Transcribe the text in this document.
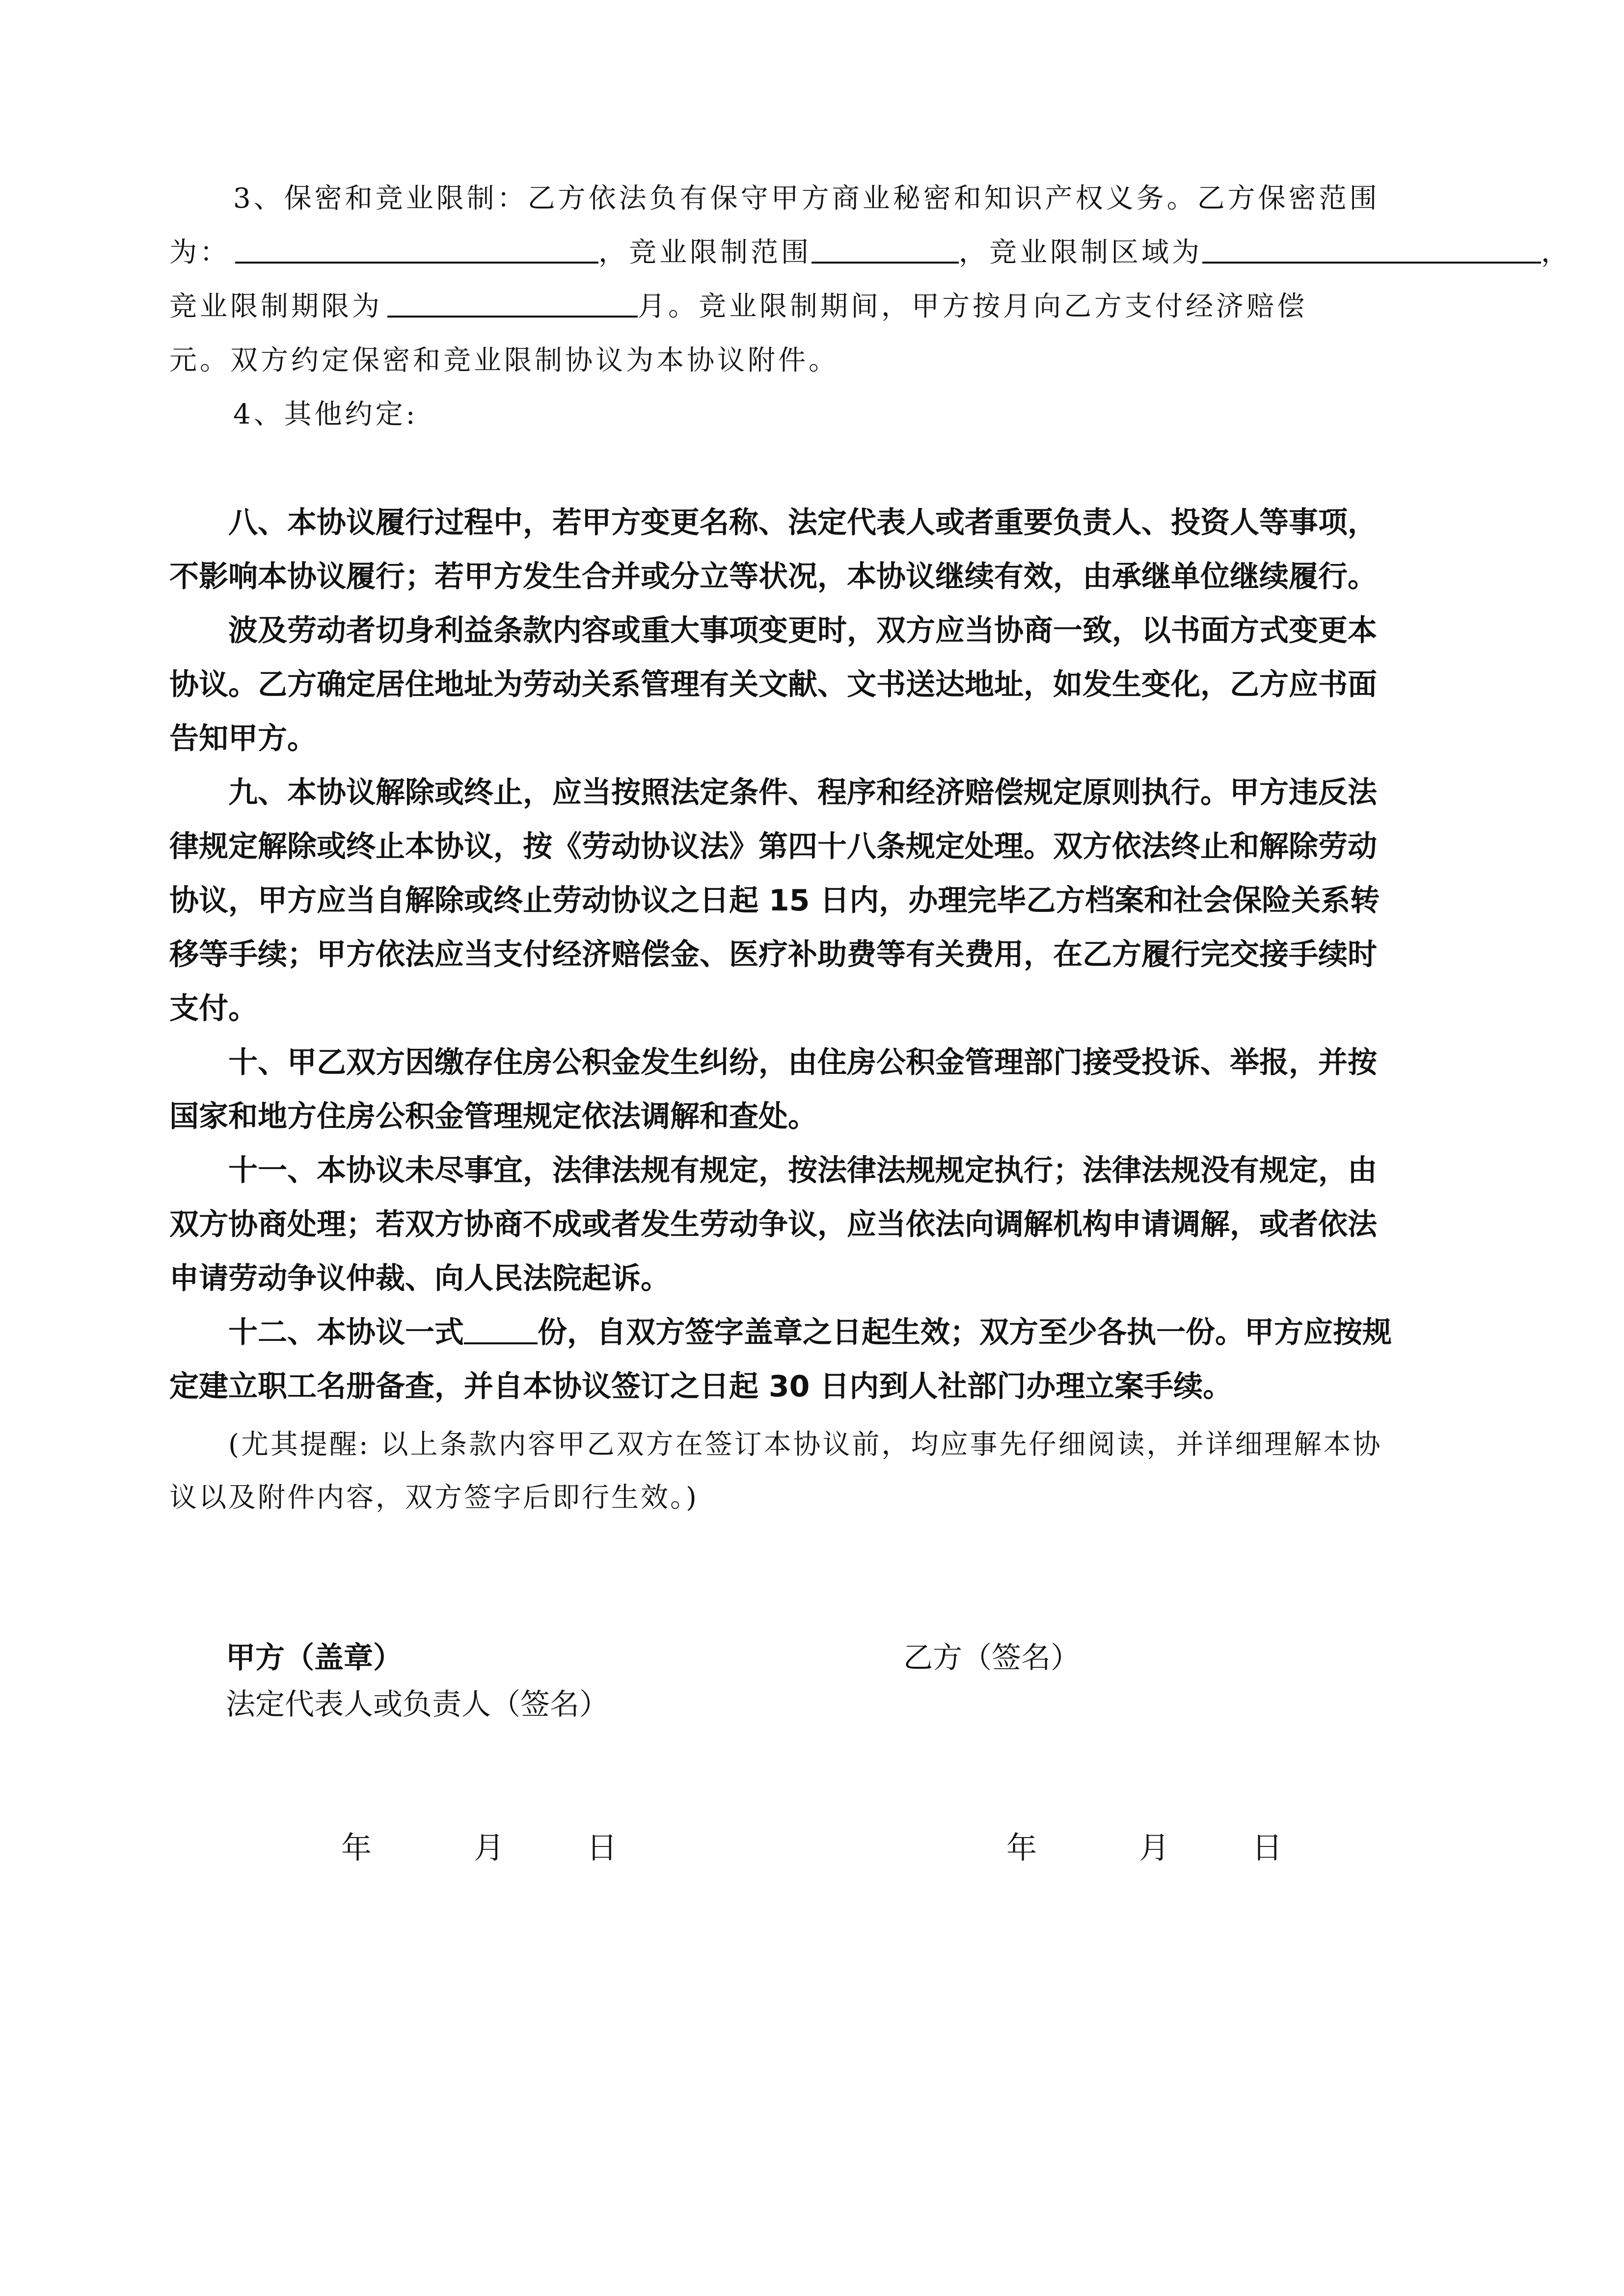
3、保密和竞业限制：乙方依法负有保守甲方商业秘密和知识产权义务。乙方保密范围
为：	，竞业限制范围	，竞业限制区域为	，
竞业限制期限为	月。竞业限制期间，甲方按月向乙方支付经济赔偿
元。双方约定保密和竞业限制协议为本协议附件。
4、其他约定:
八、本协议履行过程中，若甲方变更名称、法定代表人或者重要负责人、投资人等事项，
不影响本协议履行；若甲方发生合并或分立等状况，本协议继续有效，由承继单位继续履行。
波及劳动者切身利益条款内容或重大事项变更时，双方应当协商一致，以书面方式变更本
协议。乙方确定居住地址为劳动关系管理有关文献、文书送达地址，如发生变化，乙方应书面
告知甲方。
九、本协议解除或终止，应当按照法定条件、程序和经济赔偿规定原则执行。甲方违反法
律规定解除或终止本协议，按《劳动协议法》第四十八条规定处理。双方依法终止和解除劳动
协议，甲方应当自解除或终止劳动协议之日起 15 日内，办理完毕乙方档案和社会保险关系转
移等手续；甲方依法应当支付经济赔偿金、医疗补助费等有关费用，在乙方履行完交接手续时
支付。
十、甲乙双方因缴存住房公积金发生纠纷，由住房公积金管理部门接受投诉、举报，并按
国家和地方住房公积金管理规定依法调解和查处。
十一、本协议未尽事宜，法律法规有规定，按法律法规规定执行；法律法规没有规定，由
双方协商处理；若双方协商不成或者发生劳动争议，应当依法向调解机构申请调解，或者依法
申请劳动争议仲裁、向人民法院起诉。
十二、本协议一式	份，自双方签字盖章之日起生效；双方至少各执一份。甲方应按规
定建立职工名册备查，并自本协议签订之日起 30 日内到人社部门办理立案手续。
(尤其提醒: 以上条款内容甲乙双方在签订本协议前，均应事先仔细阅读，并详细理解本协
议以及附件内容，双方签字后即行生效。)
甲方（盖章）
法定代表人或负责人（签名）
乙方（签名）
年	月	日	年	月	日
